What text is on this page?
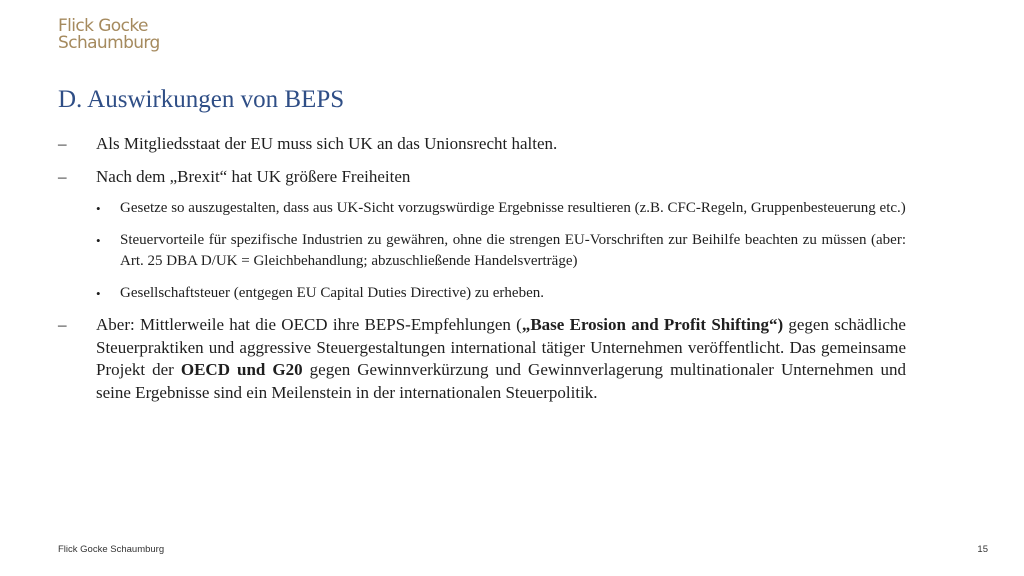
Flick Gocke
Schaumburg
D. Auswirkungen von BEPS
– Als Mitgliedsstaat der EU muss sich UK an das Unionsrecht halten.
– Nach dem „Brexit“ hat UK größere Freiheiten
• Gesetze so auszugestalten, dass aus UK-Sicht vorzugswürdige Ergebnisse resultieren (z.B. CFC-Regeln, Gruppenbesteuerung etc.)
• Steuervorteile für spezifische Industrien zu gewähren, ohne die strengen EU-Vorschriften zur Beihilfe beachten zu müssen (aber: Art. 25 DBA D/UK = Gleichbehandlung; abzuschließende Handelsverträge)
• Gesellschaftsteuer (entgegen EU Capital Duties Directive) zu erheben.
– Aber: Mittlerweile hat die OECD ihre BEPS-Empfehlungen („Base Erosion and Profit Shifting“) gegen schädliche Steuerpraktiken und aggressive Steuergestaltungen international tätiger Unternehmen veröffentlicht. Das gemeinsame Projekt der OECD und G20 gegen Gewinnverkürzung und Gewinnverlagerung multinationaler Unternehmen und seine Ergebnisse sind ein Meilenstein in der internationalen Steuerpolitik.
Flick Gocke Schaumburg	15
